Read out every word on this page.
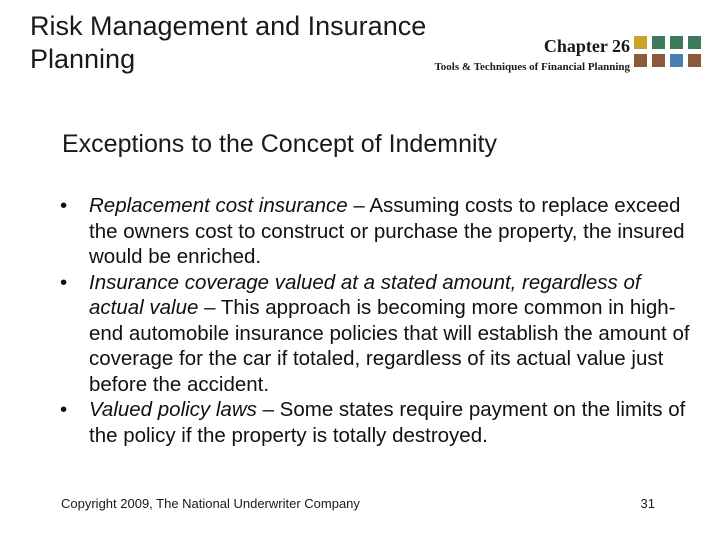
Risk Management and Insurance Planning	Chapter 26
Tools & Techniques of Financial Planning
Exceptions to the Concept of Indemnity
• Replacement cost insurance – Assuming costs to replace exceed the owners cost to construct or purchase the property, the insured would be enriched.
• Insurance coverage valued at a stated amount, regardless of actual value – This approach is becoming more common in high-end automobile insurance policies that will establish the amount of coverage for the car if totaled, regardless of its actual value just before the accident.
• Valued policy laws – Some states require payment on the limits of the policy if the property is totally destroyed.
Copyright 2009, The National Underwriter Company	31
